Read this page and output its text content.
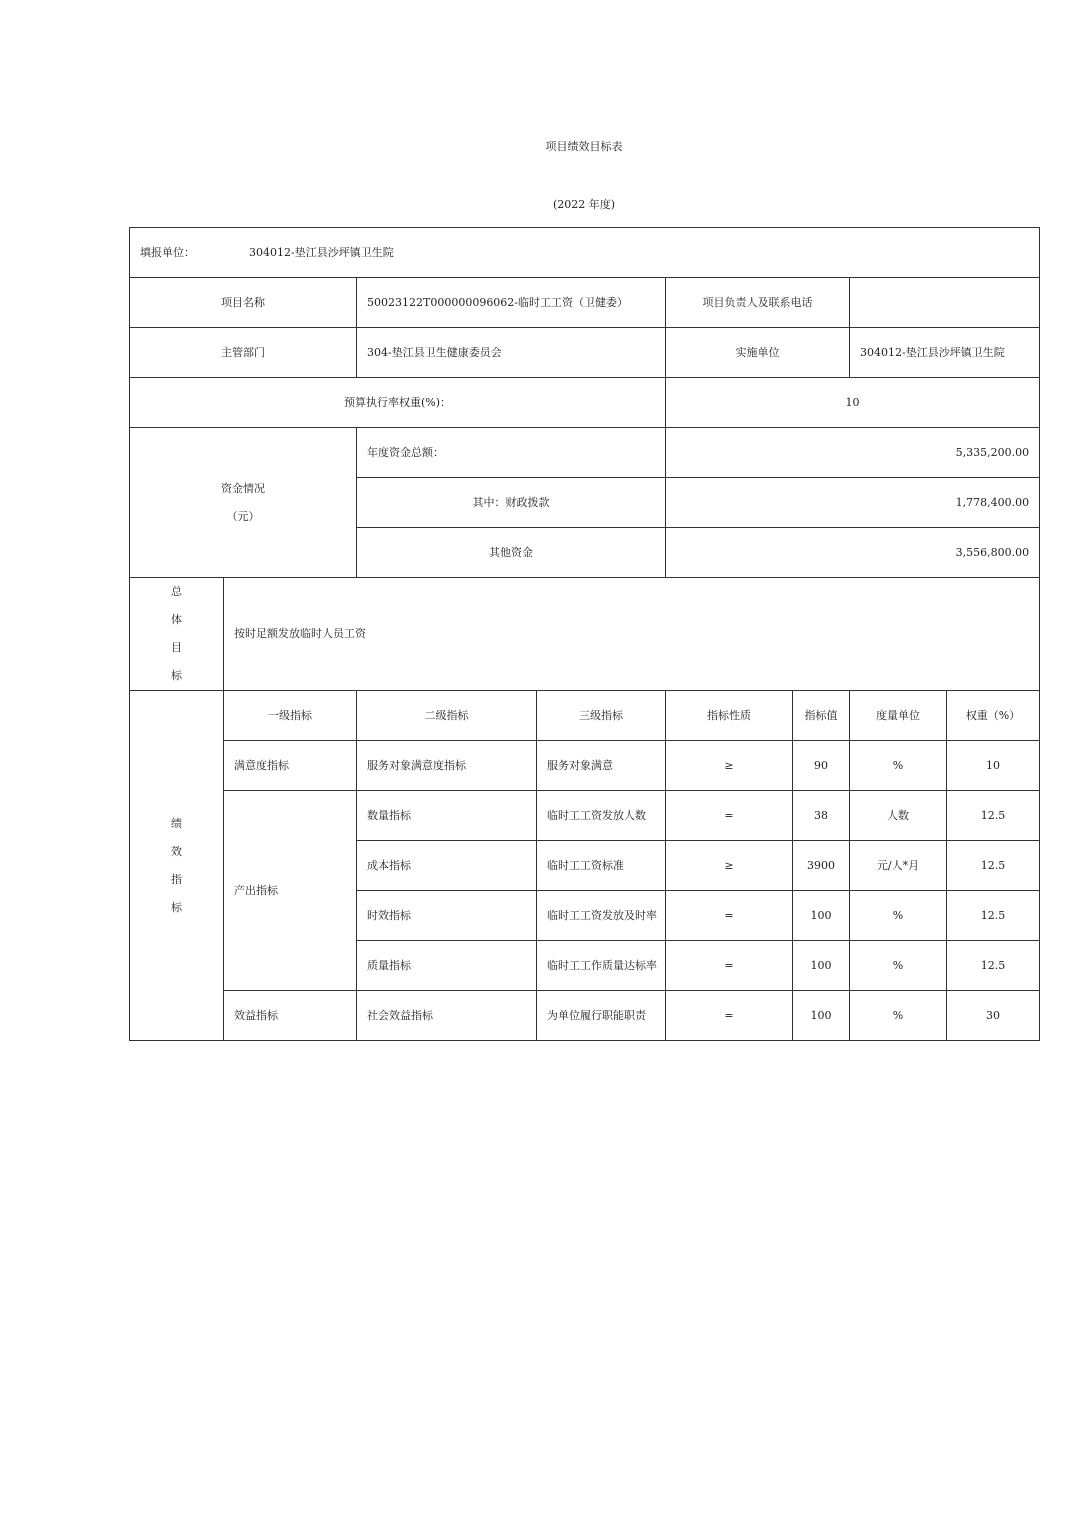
项目绩效目标表
(2022 年度)
填报单位： 304012-垫江县沙坪镇卫生院							
项目名称		50023122T000000096062-临时工工资（卫健委）		项目负责人及联系电话			
主管部门		304-垫江县卫生健康委员会		实施单位		304012-垫江县沙坪镇卫生院	
预算执行率权重(%)：				10			

资金情况
（元）		年度资金总额：		5,335,200.00			
		其中：财政拨款		1,778,400.00			
		其他资金		3,556,800.00			

总
体
目
标	按时足额发放临时人员工资						

绩
效
指
标	一级指标	二级指标	三级指标	指标性质	指标值	度量单位	权重（%）
	满意度指标	服务对象满意度指标	服务对象满意	≥	90	%	10
	产出指标	数量指标	临时工工资发放人数	=	38	人数	12.5
		成本指标	临时工工资标准	≥	3900	元/人*月	12.5
		时效指标	临时工工资发放及时率	=	100	%	12.5
		质量指标	临时工工作质量达标率	=	100	%	12.5
	效益指标	社会效益指标	为单位履行职能职责	=	100	%	30
